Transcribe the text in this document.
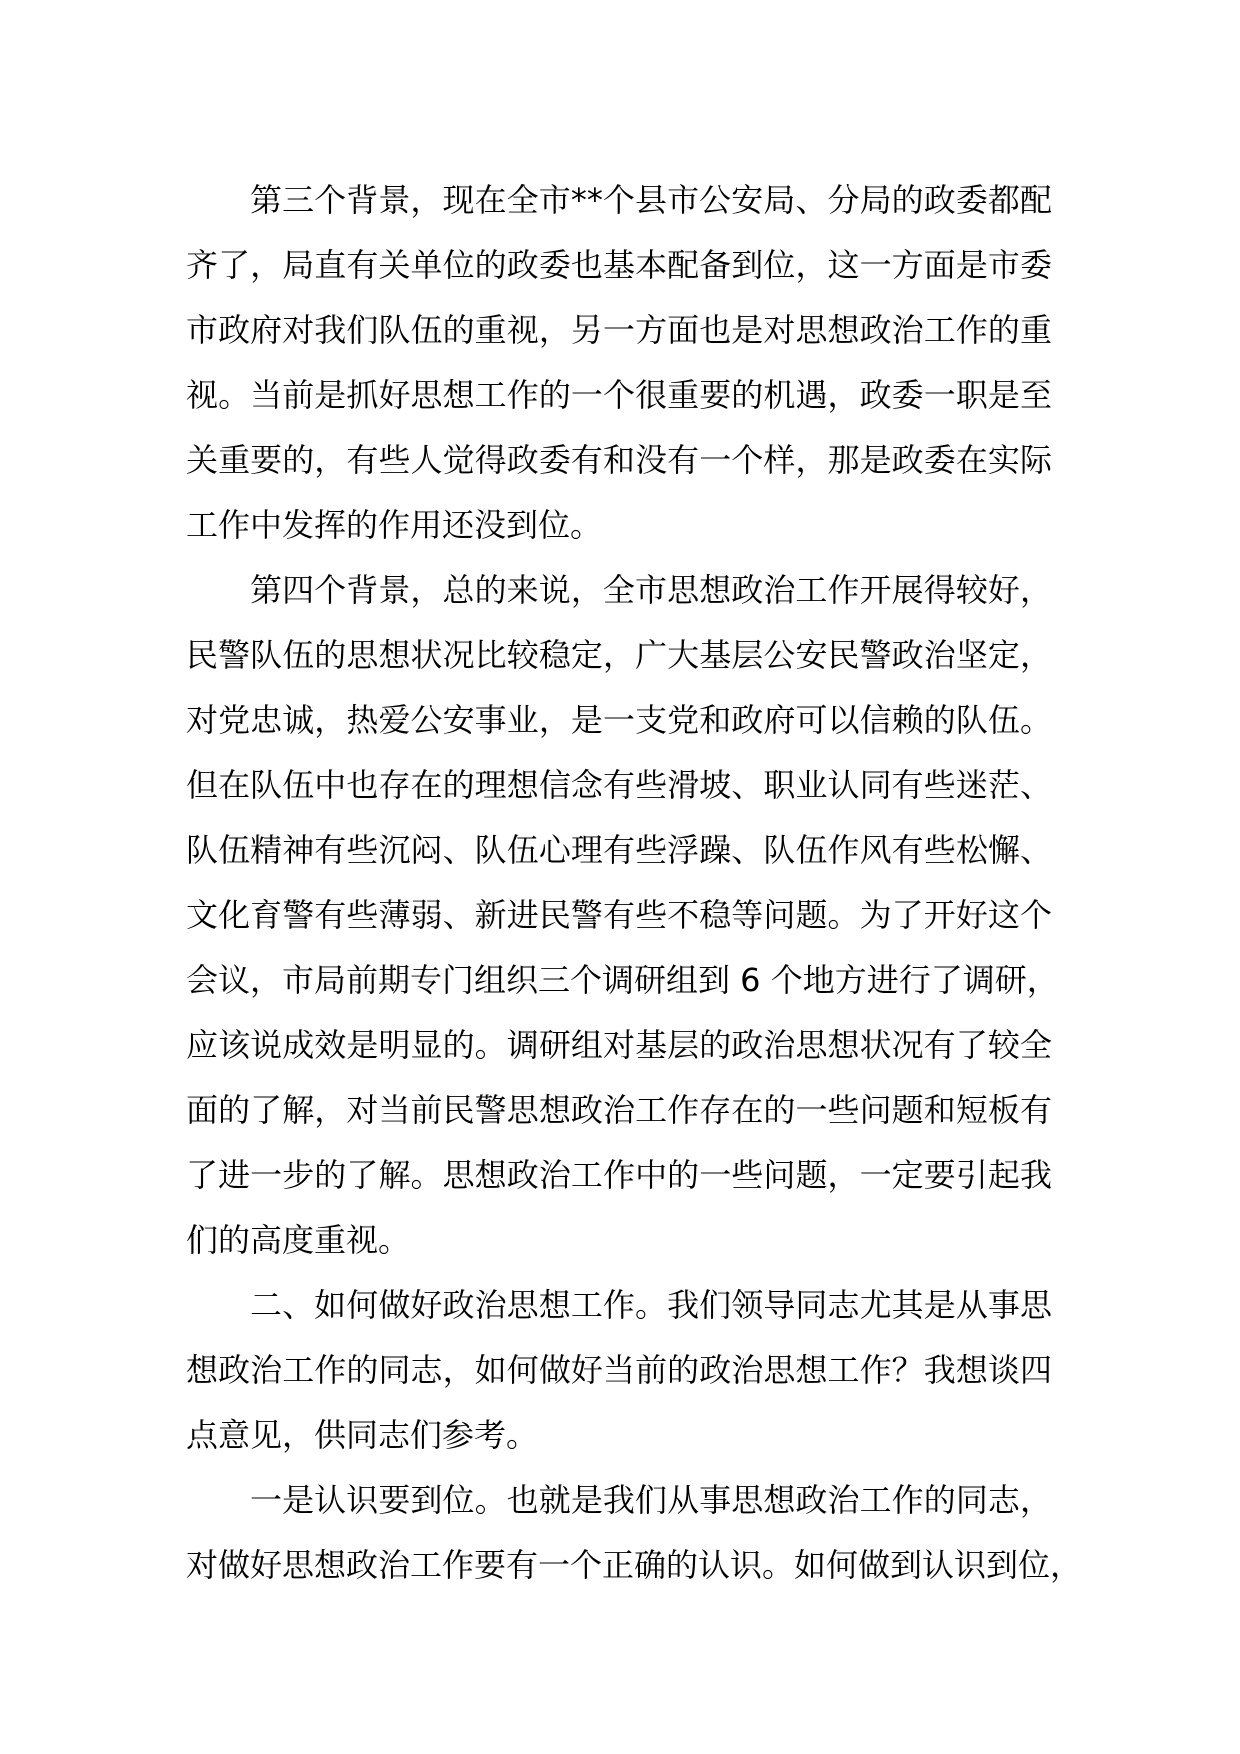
第三个背景，现在全市**个县市公安局、分局的政委都配
齐了，局直有关单位的政委也基本配备到位，这一方面是市委
市政府对我们队伍的重视，另一方面也是对思想政治工作的重
视。当前是抓好思想工作的一个很重要的机遇，政委一职是至
关重要的，有些人觉得政委有和没有一个样，那是政委在实际
工作中发挥的作用还没到位。
第四个背景，总的来说，全市思想政治工作开展得较好，
民警队伍的思想状况比较稳定，广大基层公安民警政治坚定，
对党忠诚，热爱公安事业，是一支党和政府可以信赖的队伍。
但在队伍中也存在的理想信念有些滑坡、职业认同有些迷茫、
队伍精神有些沉闷、队伍心理有些浮躁、队伍作风有些松懈、
文化育警有些薄弱、新进民警有些不稳等问题。为了开好这个
会议，市局前期专门组织三个调研组到 6 个地方进行了调研，
应该说成效是明显的。调研组对基层的政治思想状况有了较全
面的了解，对当前民警思想政治工作存在的一些问题和短板有
了进一步的了解。思想政治工作中的一些问题，一定要引起我
们的高度重视。
二、如何做好政治思想工作。我们领导同志尤其是从事思
想政治工作的同志，如何做好当前的政治思想工作？我想谈四
点意见，供同志们参考。
一是认识要到位。也就是我们从事思想政治工作的同志，
对做好思想政治工作要有一个正确的认识。如何做到认识到位，
